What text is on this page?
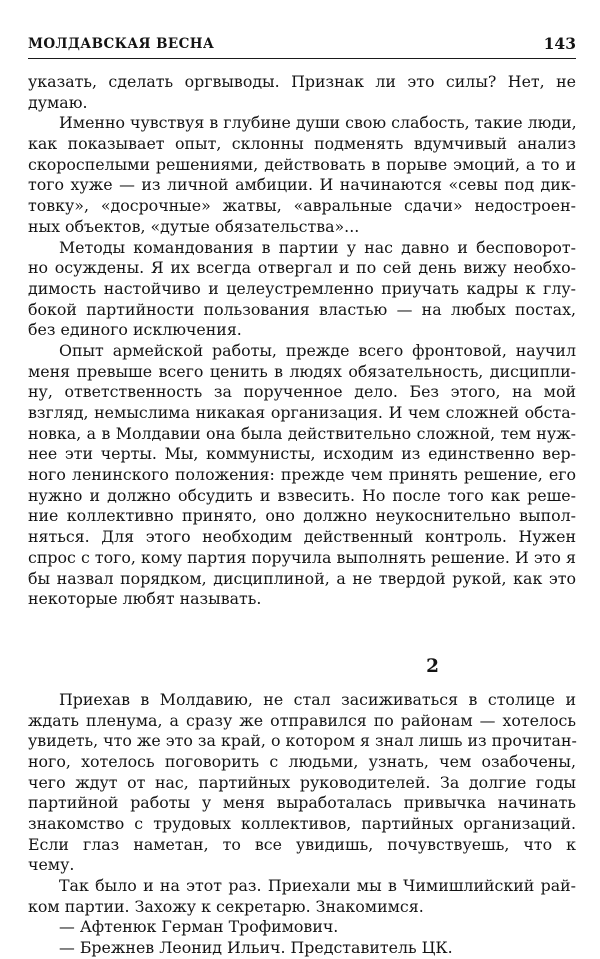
МОЛДАВСКАЯ ВЕСНА	143
указать, сделать оргвыводы. Признак ли это силы? Нет, не
думаю.
Именно чувствуя в глубине души свою слабость, такие люди,
как показывает опыт, склонны подменять вдумчивый анализ
скороспелыми решениями, действовать в порыве эмоций, а то и
того хуже — из личной амбиции. И начинаются «севы под дик-
товку», «досрочные» жатвы, «авральные сдачи» недостроен-
ных объектов, «дутые обязательства»...
Методы командования в партии у нас давно и бесповорот-
но осуждены. Я их всегда отвергал и по сей день вижу необхо-
димость настойчиво и целеустремленно приучать кадры к глу-
бокой партийности пользования властью — на любых постах,
без единого исключения.
Опыт армейской работы, прежде всего фронтовой, научил
меня превыше всего ценить в людях обязательность, дисципли-
ну, ответственность за порученное дело. Без этого, на мой
взгляд, немыслима никакая организация. И чем сложней обста-
новка, а в Молдавии она была действительно сложной, тем нуж-
нее эти черты. Мы, коммунисты, исходим из единственно вер-
ного ленинского положения: прежде чем принять решение, его
нужно и должно обсудить и взвесить. Но после того как реше-
ние коллективно принято, оно должно неукоснительно выпол-
няться. Для этого необходим действенный контроль. Нужен
спрос с того, кому партия поручила выполнять решение. И это я
бы назвал порядком, дисциплиной, а не твердой рукой, как это
некоторые любят называть.
2
Приехав в Молдавию, не стал засиживаться в столице и
ждать пленума, а сразу же отправился по районам — хотелось
увидеть, что же это за край, о котором я знал лишь из прочитан-
ного, хотелось поговорить с людьми, узнать, чем озабочены,
чего ждут от нас, партийных руководителей. За долгие годы
партийной работы у меня выработалась привычка начинать
знакомство с трудовых коллективов, партийных организаций.
Если глаз наметан, то все увидишь, почувствуешь, что к
чему.
Так было и на этот раз. Приехали мы в Чимишлийский рай-
ком партии. Захожу к секретарю. Знакомимся.
— Афтенюк Герман Трофимович.
— Брежнев Леонид Ильич. Представитель ЦК.
